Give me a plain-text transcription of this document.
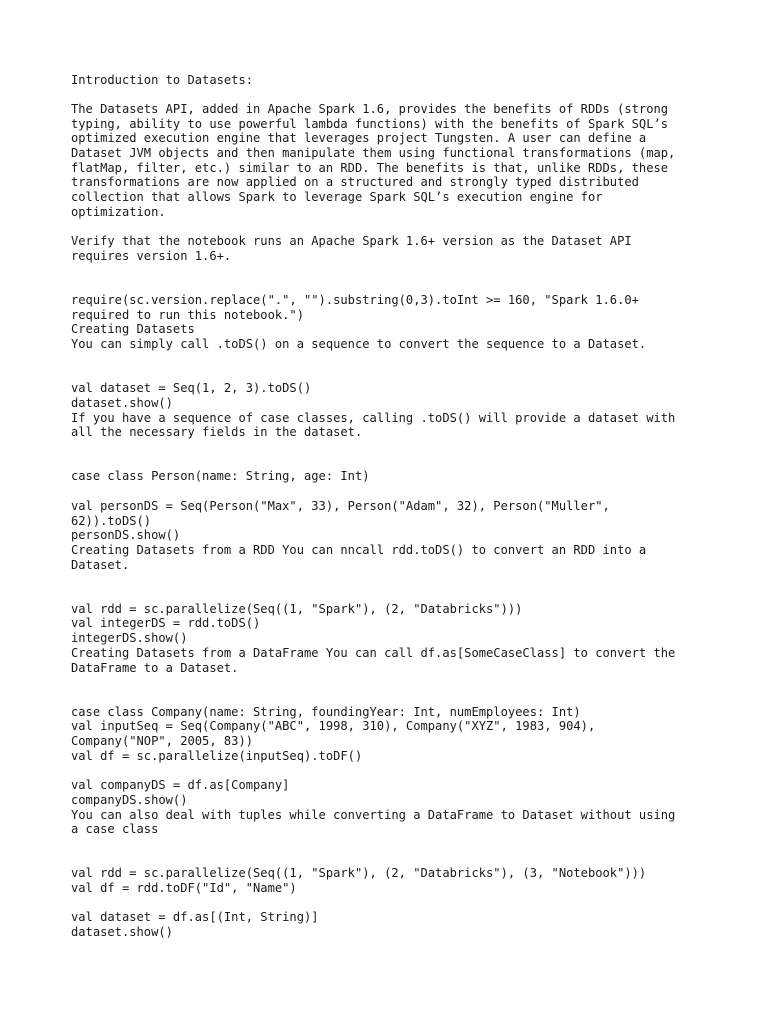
Introduction to Datasets:
The Datasets API, added in Apache Spark 1.6, provides the benefits of RDDs (strong
typing, ability to use powerful lambda functions) with the benefits of Spark SQL’s
optimized execution engine that leverages project Tungsten. A user can define a
Dataset JVM objects and then manipulate them using functional transformations (map,
flatMap, filter, etc.) similar to an RDD. The benefits is that, unlike RDDs, these
transformations are now applied on a structured and strongly typed distributed
collection that allows Spark to leverage Spark SQL’s execution engine for
optimization.
Verify that the notebook runs an Apache Spark 1.6+ version as the Dataset API
requires version 1.6+.
require(sc.version.replace(".", "").substring(0,3).toInt >= 160, "Spark 1.6.0+
required to run this notebook.")
Creating Datasets
You can simply call .toDS() on a sequence to convert the sequence to a Dataset.
val dataset = Seq(1, 2, 3).toDS()
dataset.show()
If you have a sequence of case classes, calling .toDS() will provide a dataset with
all the necessary fields in the dataset.
case class Person(name: String, age: Int)
val personDS = Seq(Person("Max", 33), Person("Adam", 32), Person("Muller",
62)).toDS()
personDS.show()
Creating Datasets from a RDD You can nncall rdd.toDS() to convert an RDD into a
Dataset.
val rdd = sc.parallelize(Seq((1, "Spark"), (2, "Databricks")))
val integerDS = rdd.toDS()
integerDS.show()
Creating Datasets from a DataFrame You can call df.as[SomeCaseClass] to convert the
DataFrame to a Dataset.
case class Company(name: String, foundingYear: Int, numEmployees: Int)
val inputSeq = Seq(Company("ABC", 1998, 310), Company("XYZ", 1983, 904),
Company("NOP", 2005, 83))
val df = sc.parallelize(inputSeq).toDF()
val companyDS = df.as[Company]
companyDS.show()
You can also deal with tuples while converting a DataFrame to Dataset without using
a case class
val rdd = sc.parallelize(Seq((1, "Spark"), (2, "Databricks"), (3, "Notebook")))
val df = rdd.toDF("Id", "Name")
val dataset = df.as[(Int, String)]
dataset.show()
